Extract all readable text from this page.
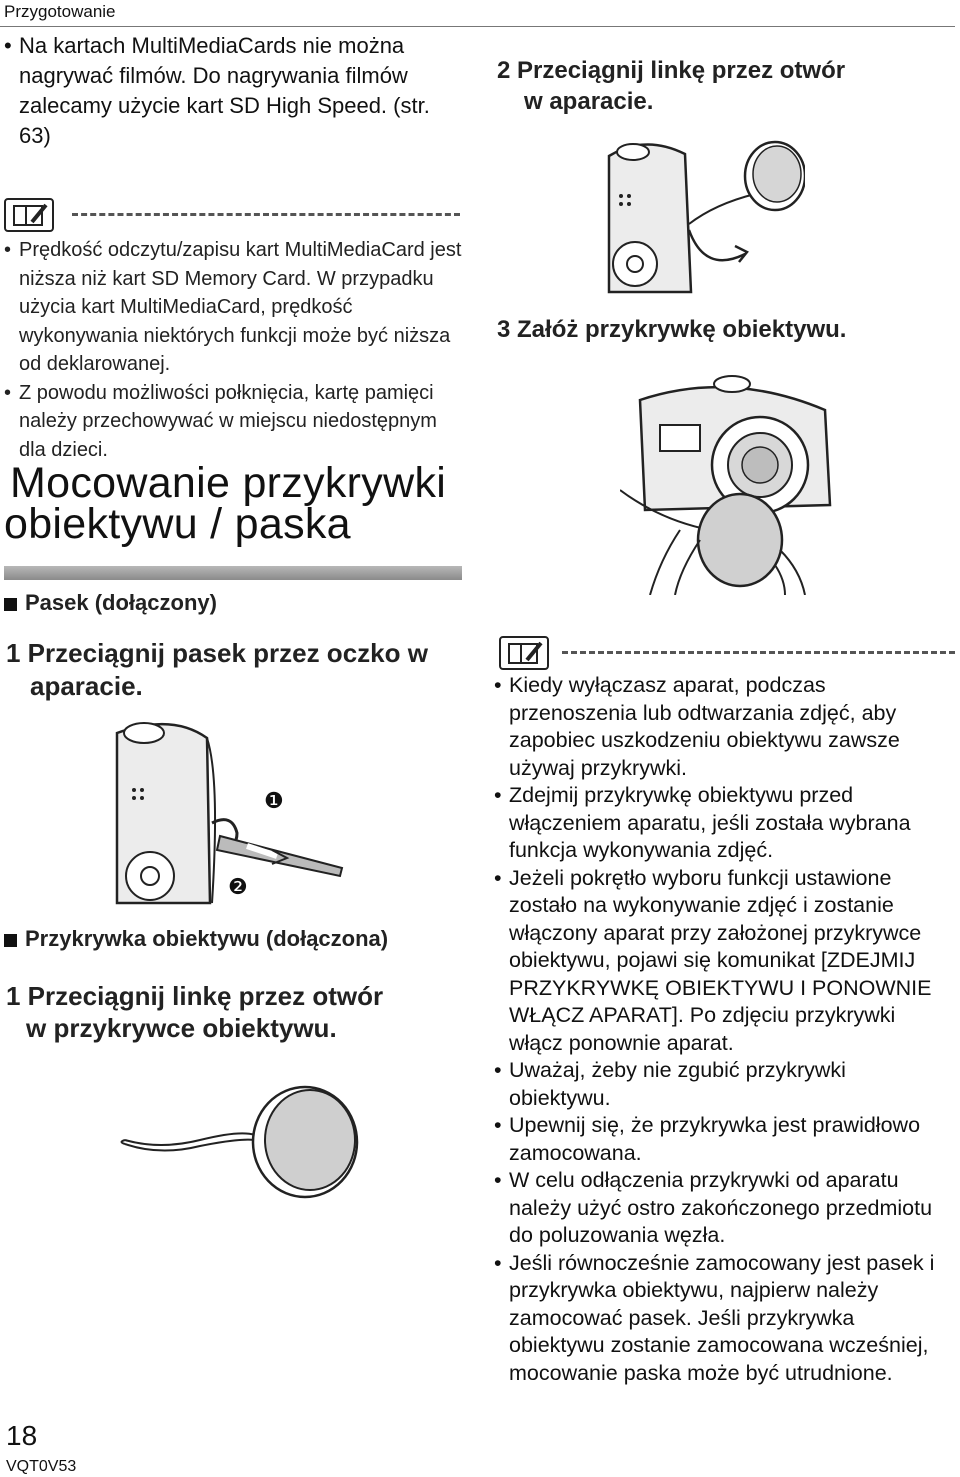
Przygotowanie
• Na kartach MultiMediaCards nie można nagrywać filmów. Do nagrywania filmów zalecamy użycie kart SD High Speed. (str. 63)
• Prędkość odczytu/zapisu kart MultiMediaCard jest niższa niż kart SD Memory Card. W przypadku użycia kart MultiMediaCard, prędkość wykonywania niektórych funkcji może być niższa od deklarowanej.
• Z powodu możliwości połknięcia, kartę pamięci należy przechowywać w miejscu niedostępnym dla dzieci.
Mocowanie przykrywki
obiektywu / paska
Pasek (dołączony)
1 Przeciągnij pasek przez oczko w
aparacie.
❶
❷
Przykrywka obiektywu (dołączona)
1 Przeciągnij linkę przez otwór
w przykrywce obiektywu.
2 Przeciągnij linkę przez otwór
w aparacie.
3 Załóż przykrywkę obiektywu.
• Kiedy wyłączasz aparat, podczas przenoszenia lub odtwarzania zdjęć, aby zapobiec uszkodzeniu obiektywu zawsze używaj przykrywki.
• Zdejmij przykrywkę obiektywu przed włączeniem aparatu, jeśli została wybrana funkcja wykonywania zdjęć.
• Jeżeli pokrętło wyboru funkcji ustawione zostało na wykonywanie zdjęć i zostanie włączony aparat przy założonej przykrywce obiektywu, pojawi się komunikat [ZDEJMIJ PRZYKRYWKĘ OBIEKTYWU I PONOWNIE WŁĄCZ APARAT]. Po zdjęciu przykrywki włącz ponownie aparat.
• Uważaj, żeby nie zgubić przykrywki obiektywu.
• Upewnij się, że przykrywka jest prawidłowo zamocowana.
• W celu odłączenia przykrywki od aparatu należy użyć ostro zakończonego przedmiotu do poluzowania węzła.
• Jeśli równocześnie zamocowany jest pasek i przykrywka obiektywu, najpierw należy zamocować pasek. Jeśli przykrywka obiektywu zostanie zamocowana wcześniej, mocowanie paska może być utrudnione.
18
VQT0V53
